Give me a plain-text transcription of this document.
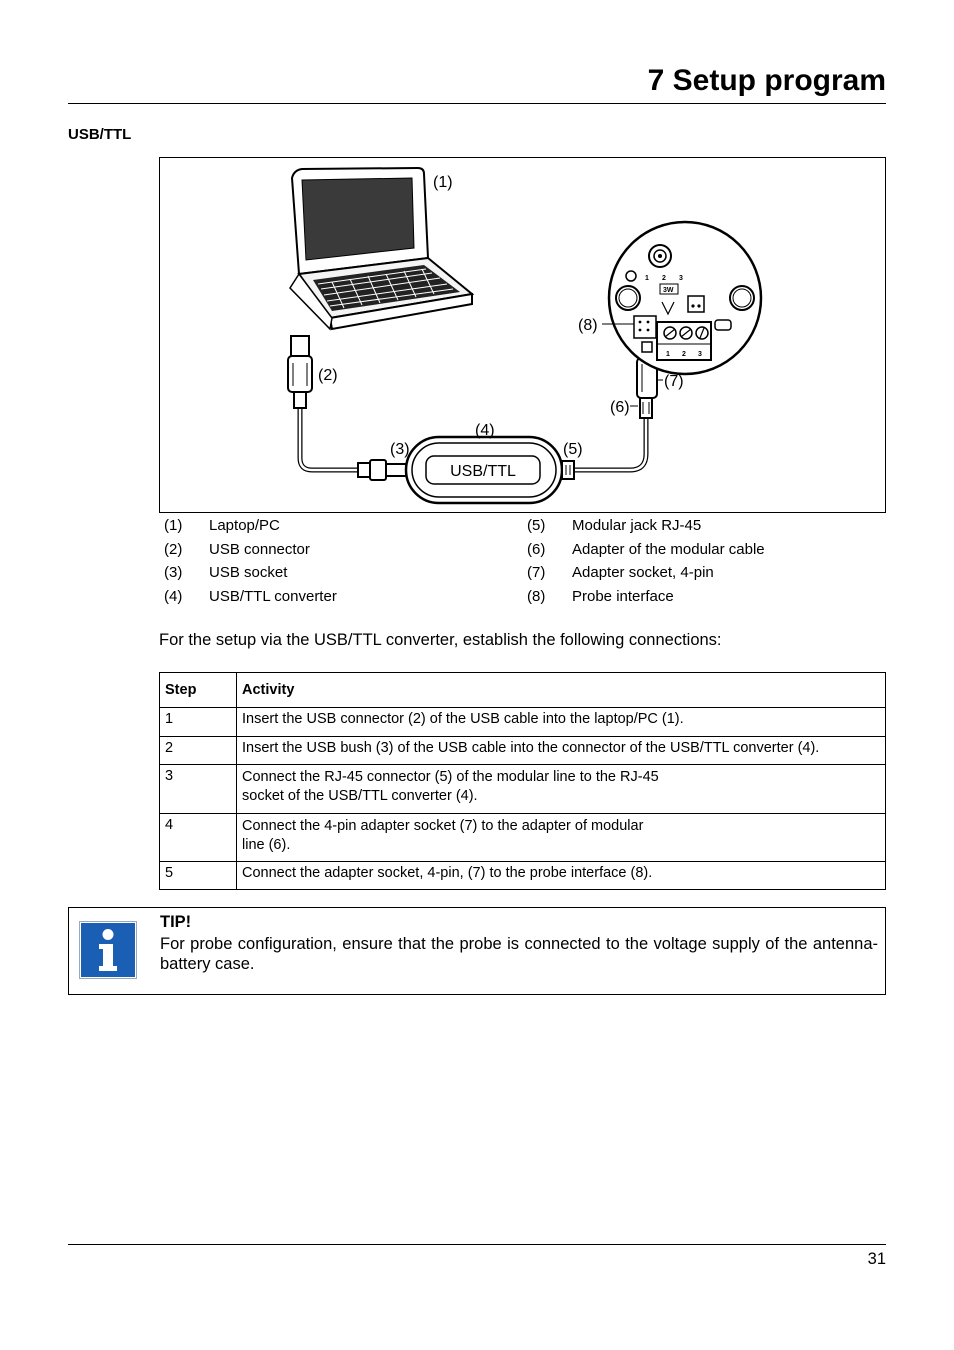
7 Setup program
USB/TTL
USB/TTL
1 2 3
3W
1 2 3
(1)
(2)
(3)
(4)
(5)
(6)
(7)
(8)
(1)	Laptop/PC
(2)	USB connector
(3)	USB socket
(4)	USB/TTL converter
(5)	Modular jack RJ-45
(6)	Adapter of the modular cable
(7)	Adapter socket, 4-pin
(8)	Probe interface

For the setup via the USB/TTL converter, establish the following connections:

Step	Activity
1	Insert the USB connector (2) of the USB cable into the laptop/PC (1).

2	Insert the USB bush (3) of the USB cable into the connector of the USB/TTL converter (4).

3	Connect the RJ-45 connector (5) of the modular line to the RJ-45
socket of the USB/TTL converter (4).

4	Connect the 4-pin adapter socket (7) to the adapter of modular
line (6).

5	Connect the adapter socket, 4-pin, (7) to the probe interface (8).
TIP!

For probe configuration, ensure that the probe is connected to the voltage supply of the antenna-battery case.

31
